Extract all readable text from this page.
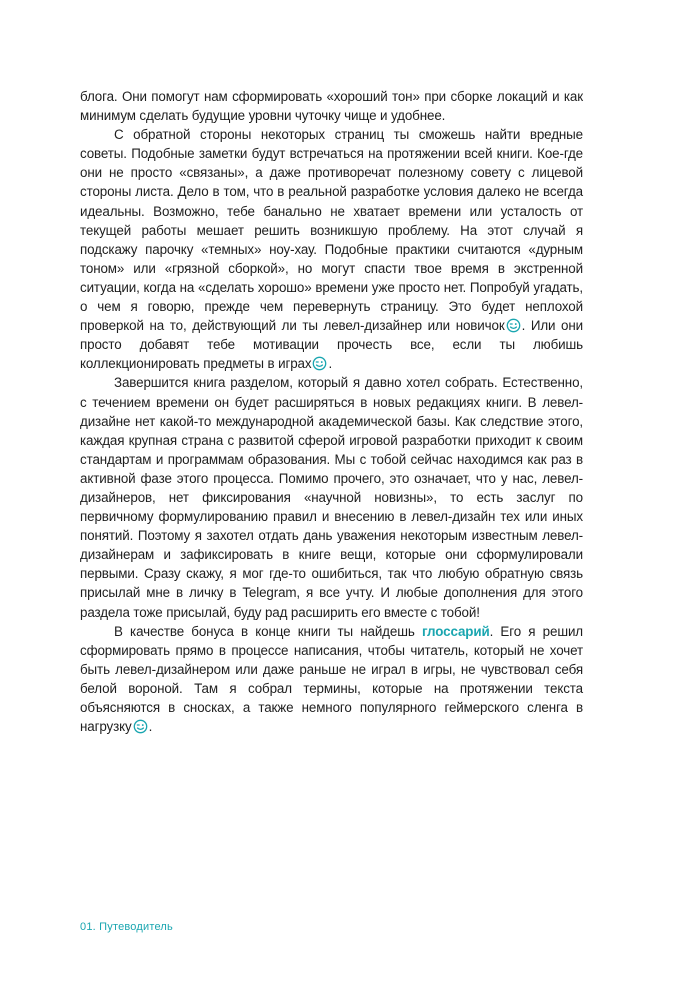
блога. Они помогут нам сформировать «хороший тон» при сборке локаций и как минимум сделать будущие уровни чуточку чище и удобнее.

С обратной стороны некоторых страниц ты сможешь найти вредные советы. Подобные заметки будут встречаться на протяжении всей книги. Кое-где они не просто «связаны», а даже противоречат полезному совету с лицевой стороны листа. Дело в том, что в реальной разработке условия далеко не всегда идеальны. Возможно, тебе банально не хватает времени или усталость от текущей работы мешает решить возникшую проблему. На этот случай я подскажу парочку «темных» ноу-хау. Подобные практики считаются «дурным тоном» или «грязной сборкой», но могут спасти твое время в экстренной ситуации, когда на «сделать хорошо» времени уже просто нет. Попробуй угадать, о чем я говорю, прежде чем перевернуть страницу. Это будет неплохой проверкой на то, действующий ли ты левел-дизайнер или новичок . Или они просто добавят тебе мотивации прочесть все, если ты любишь коллекционировать предметы в играх .

Завершится книга разделом, который я давно хотел собрать. Естественно, с течением времени он будет расширяться в новых редакциях книги. В левел-дизайне нет какой-то международной академической базы. Как следствие этого, каждая крупная страна с развитой сферой игровой разработки приходит к своим стандартам и программам образования. Мы с тобой сейчас находимся как раз в активной фазе этого процесса. Помимо прочего, это означает, что у нас, левел-дизайнеров, нет фиксирования «научной новизны», то есть заслуг по первичному формулированию правил и внесению в левел-дизайн тех или иных понятий. Поэтому я захотел отдать дань уважения некоторым известным левел-дизайнерам и зафиксировать в книге вещи, которые они сформулировали первыми. Сразу скажу, я мог где-то ошибиться, так что любую обратную связь присылай мне в личку в Telegram, я все учту. И любые дополнения для этого раздела тоже присылай, буду рад расширить его вместе с тобой!

В качестве бонуса в конце книги ты найдешь глоссарий. Его я решил сформировать прямо в процессе написания, чтобы читатель, который не хочет быть левел-дизайнером или даже раньше не играл в игры, не чувствовал себя белой вороной. Там я собрал термины, которые на протяжении текста объясняются в сносках, а также немного популярного геймерского сленга в нагрузку .

01. Путеводитель
